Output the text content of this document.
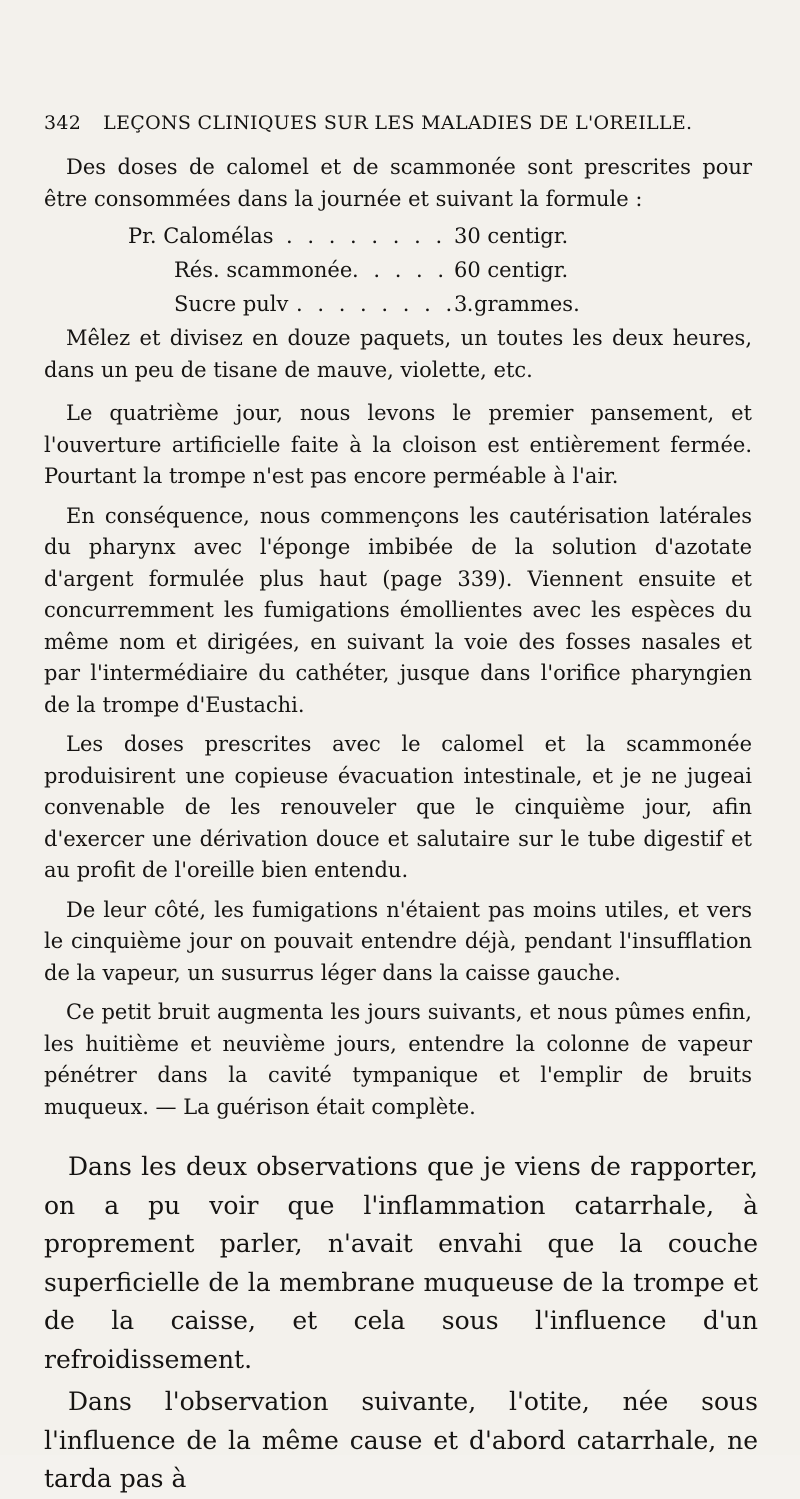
342 LEÇONS CLINIQUES SUR LES MALADIES DE L'OREILLE.

Des doses de calomel et de scammonée sont prescrites pour être consommées dans la journée et suivant la formule :

Pr. Calomélas . . . . . . . . 30 centigr.
Rés. scammonée . . . . . 60 centigr.
Sucre pulv . . . . . . . . .
3 grammes.

Mêlez et divisez en douze paquets, un toutes les deux heures, dans un peu de tisane de mauve, violette, etc.

Le quatrième jour, nous levons le premier pansement, et l'ouverture artificielle faite à la cloison est entièrement fermée. Pourtant la trompe n'est pas encore perméable à l'air.

En conséquence, nous commençons les cautérisation latérales du pharynx avec l'éponge imbibée de la solution d'azotate d'argent formulée plus haut (page 339). Viennent ensuite et concurremment les fumigations émollientes avec les espèces du même nom et dirigées, en suivant la voie des fosses nasales et par l'intermédiaire du cathéter, jusque dans l'orifice pharyngien de la trompe d'Eustachi.

Les doses prescrites avec le calomel et la scammonée produisirent une copieuse évacuation intestinale, et je ne jugeai convenable de les renouveler que le cinquième jour, afin d'exercer une dérivation douce et salutaire sur le tube digestif et au profit de l'oreille bien entendu.

De leur côté, les fumigations n'étaient pas moins utiles, et vers le cinquième jour on pouvait entendre déjà, pendant l'insufflation de la vapeur, un susurrus léger dans la caisse gauche.

Ce petit bruit augmenta les jours suivants, et nous pûmes enfin, les huitième et neuvième jours, entendre la colonne de vapeur pénétrer dans la cavité tympanique et l'emplir de bruits muqueux. — La guérison était complète.

Dans les deux observations que je viens de rapporter, on a pu voir que l'inflammation catarrhale, à proprement parler, n'avait envahi que la couche superficielle de la membrane muqueuse de la trompe et de la caisse, et cela sous l'influence d'un refroidissement.

Dans l'observation suivante, l'otite, née sous l'influence de la même cause et d'abord catarrhale, ne tarda pas à
